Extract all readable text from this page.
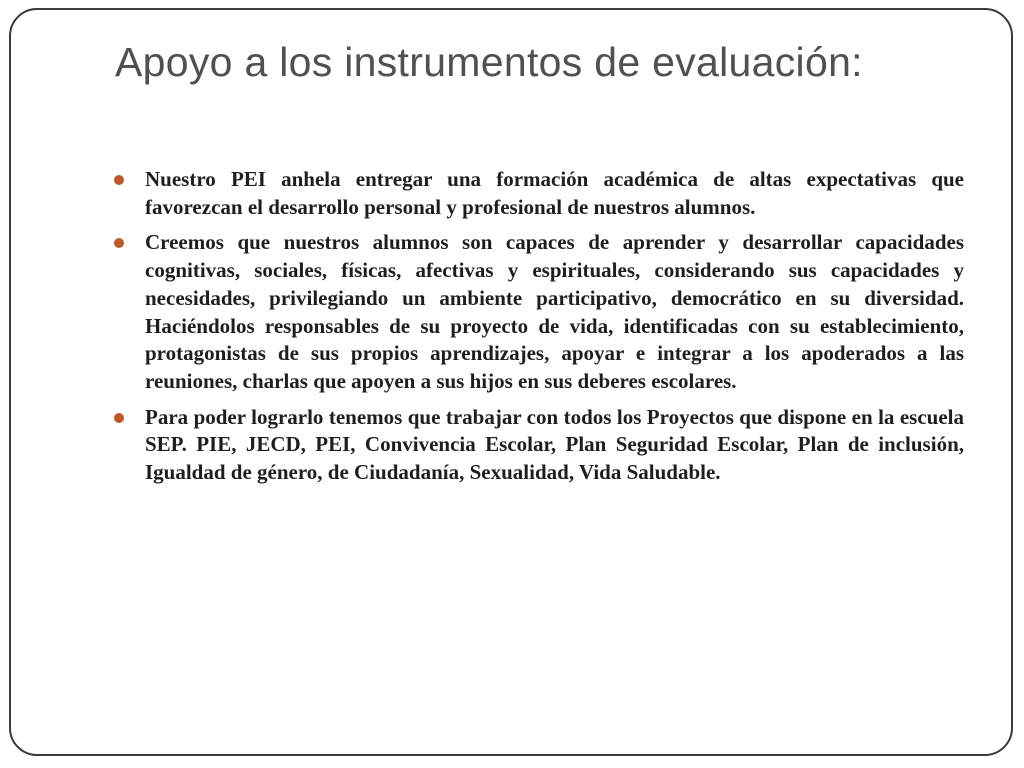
Apoyo a los instrumentos de evaluación:
Nuestro PEI anhela entregar una formación académica de altas expectativas que favorezcan el desarrollo personal y profesional de nuestros alumnos.
Creemos que nuestros alumnos son capaces de aprender y desarrollar capacidades cognitivas, sociales, físicas, afectivas y espirituales, considerando sus capacidades y necesidades, privilegiando un ambiente participativo, democrático en su diversidad. Haciéndolos responsables de su proyecto de vida, identificadas con su establecimiento, protagonistas de sus propios aprendizajes, apoyar e integrar a los apoderados a las reuniones, charlas que apoyen a sus hijos en sus deberes escolares.
Para poder lograrlo tenemos que trabajar con todos los Proyectos que dispone en la escuela SEP. PIE, JECD, PEI, Convivencia Escolar, Plan Seguridad Escolar, Plan de inclusión, Igualdad de género, de Ciudadanía, Sexualidad, Vida Saludable.
